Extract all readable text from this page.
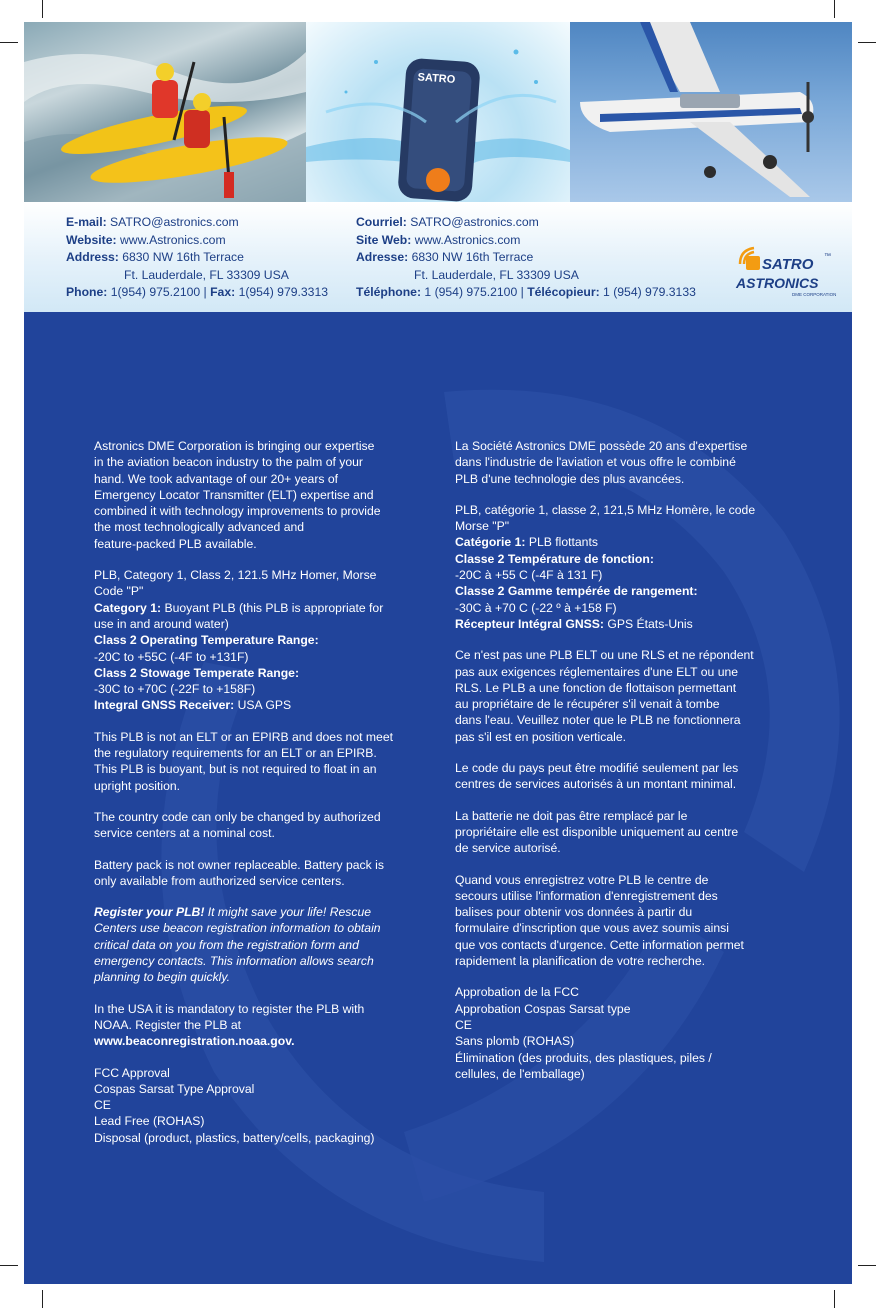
SATRO
E-mail: SATRO@astronics.com
Website: www.Astronics.com
Address: 6830 NW 16th Terrace
Ft. Lauderdale, FL 33309 USA
Phone: 1(954) 975.2100 | Fax: 1(954) 979.3313
Courriel: SATRO@astronics.com
Site Web: www.Astronics.com
Adresse: 6830 NW 16th Terrace
Ft. Lauderdale, FL 33309 USA
Téléphone: 1 (954) 975.2100 | Télécopieur: 1 (954) 979.3133
SATRO ™
ASTRONICS
DME CORPORATION

Astronics DME Corporation is bringing our expertise
in the aviation beacon industry to the palm of your
hand. We took advantage of our 20+ years of
Emergency Locator Transmitter (ELT) expertise and
combined it with technology improvements to provide
the most technologically advanced and
feature-packed PLB available.

PLB, Category 1, Class 2, 121.5 MHz Homer, Morse
Code "P"
Category 1: Buoyant PLB (this PLB is appropriate for
use in and around water)
Class 2 Operating Temperature Range:
-20C to +55C (-4F to +131F)
Class 2 Stowage Temperate Range:
-30C to +70C (-22F to +158F)
Integral GNSS Receiver: USA GPS

This PLB is not an ELT or an EPIRB and does not meet
the regulatory requirements for an ELT or an EPIRB.
This PLB is buoyant, but is not required to float in an
upright position.

The country code can only be changed by authorized
service centers at a nominal cost.

Battery pack is not owner replaceable. Battery pack is
only available from authorized service centers.

Register your PLB! It might save your life! Rescue
Centers use beacon registration information to obtain
critical data on you from the registration form and
emergency contacts. This information allows search
planning to begin quickly.

In the USA it is mandatory to register the PLB with
NOAA. Register the PLB at
www.beaconregistration.noaa.gov.

FCC Approval
Cospas Sarsat Type Approval
CE
Lead Free (ROHAS)
Disposal (product, plastics, battery/cells, packaging)

La Société Astronics DME possède 20 ans d'expertise
dans l'industrie de l'aviation et vous offre le combiné
PLB d'une technologie des plus avancées.

PLB, catégorie 1, classe 2, 121,5 MHz Homère, le code
Morse "P"
Catégorie 1: PLB flottants
Classe 2 Température de fonction:
-20C à +55 C (-4F à 131 F)
Classe 2 Gamme tempérée de rangement:
-30C à +70 C (-22 º à +158 F)
Récepteur Intégral GNSS: GPS États-Unis

Ce n'est pas une PLB ELT ou une RLS et ne répondent
pas aux exigences réglementaires d'une ELT ou une
RLS. Le PLB a une fonction de flottaison permettant
au propriétaire de le récupérer s'il venait à tombe
dans l'eau. Veuillez noter que le PLB ne fonctionnera
pas s'il est en position verticale.

Le code du pays peut être modifié seulement par les
centres de services autorisés à un montant minimal.

La batterie ne doit pas être remplacé par le
propriétaire elle est disponible uniquement au centre
de service autorisé.

Quand vous enregistrez votre PLB le centre de
secours utilise l'information d'enregistrement des
balises pour obtenir vos données à partir du
formulaire d'inscription que vous avez soumis ainsi
que vos contacts d'urgence. Cette information permet
rapidement la planification de votre recherche.

Approbation de la FCC
Approbation Cospas Sarsat type
CE
Sans plomb (ROHAS)
Élimination (des produits, des plastiques, piles /
cellules, de l'emballage)
